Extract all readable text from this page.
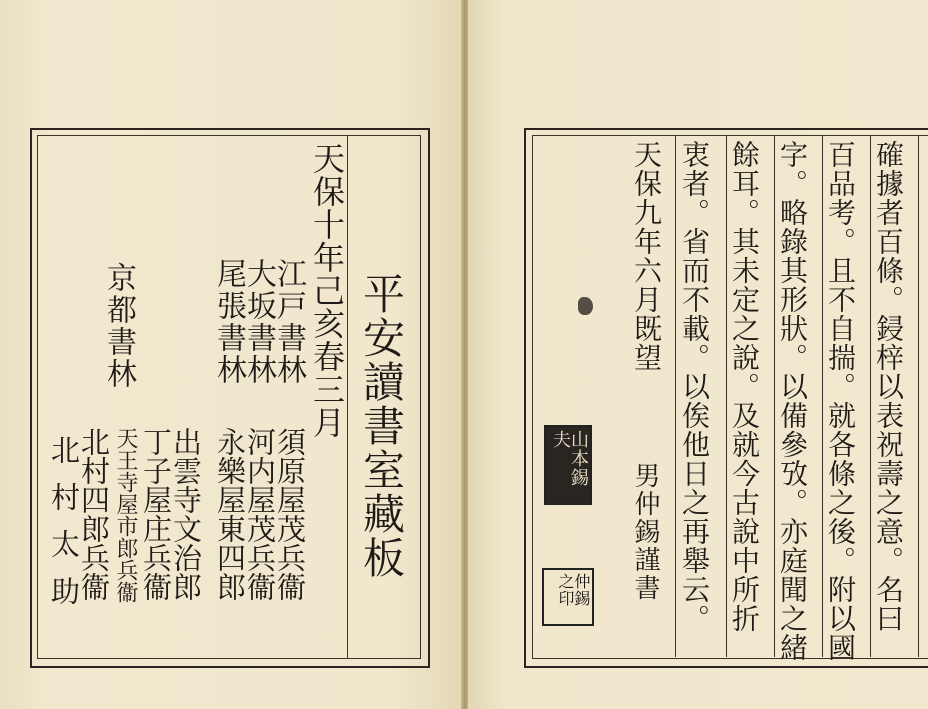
平安讀書室藏板
天保十年己亥春三月
江戸書林
大坂書林
尾張書林
京都書林
須原屋茂兵衞
河内屋茂兵衞
永樂屋東四郎
出雲寺文治郎
丁子屋庄兵衞
天王寺屋市郎兵衞
北村四郎兵衞
北村太助	確據者百條。鋟梓以表祝壽之意。名曰
百品考。且不自揣。就各條之後。附以國
字。略錄其形狀。以備參攷。亦庭聞之緒
餘耳。其未定之說。及就今古說中所折
衷者。省而不載。以俟他日之再舉云。
天保九年六月既望
男仲錫謹書
山本錫夫
仲錫之印
